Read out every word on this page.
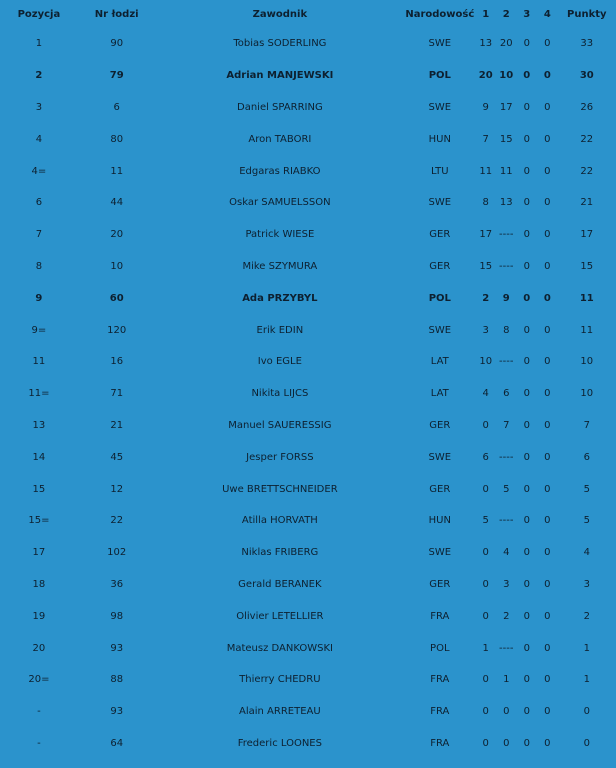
Pozycja	Nr łodzi	Zawodnik	Narodowość	1	2	3	4	Punkty
1	90	Tobias SODERLING	SWE	13	20	0	0	33
2	79	Adrian MANJEWSKI	POL	20	10	0	0	30
3	6	Daniel SPARRING	SWE	9	17	0	0	26
4	80	Aron TABORI	HUN	7	15	0	0	22
4=	11	Edgaras RIABKO	LTU	11	11	0	0	22
6	44	Oskar SAMUELSSON	SWE	8	13	0	0	21
7	20	Patrick WIESE	GER	17	----	0	0	17
8	10	Mike SZYMURA	GER	15	----	0	0	15
9	60	Ada PRZYBYL	POL	2	9	0	0	11
9=	120	Erik EDIN	SWE	3	8	0	0	11
11	16	Ivo EGLE	LAT	10	----	0	0	10
11=	71	Nikita LIJCS	LAT	4	6	0	0	10
13	21	Manuel SAUERESSIG	GER	0	7	0	0	7
14	45	Jesper FORSS	SWE	6	----	0	0	6
15	12	Uwe BRETTSCHNEIDER	GER	0	5	0	0	5
15=	22	Atilla HORVATH	HUN	5	----	0	0	5
17	102	Niklas FRIBERG	SWE	0	4	0	0	4
18	36	Gerald BERANEK	GER	0	3	0	0	3
19	98	Olivier LETELLIER	FRA	0	2	0	0	2
20	93	Mateusz DANKOWSKI	POL	1	----	0	0	1
20=	88	Thierry CHEDRU	FRA	0	1	0	0	1
-	93	Alain ARRETEAU	FRA	0	0	0	0	0
-	64	Frederic LOONES	FRA	0	0	0	0	0
